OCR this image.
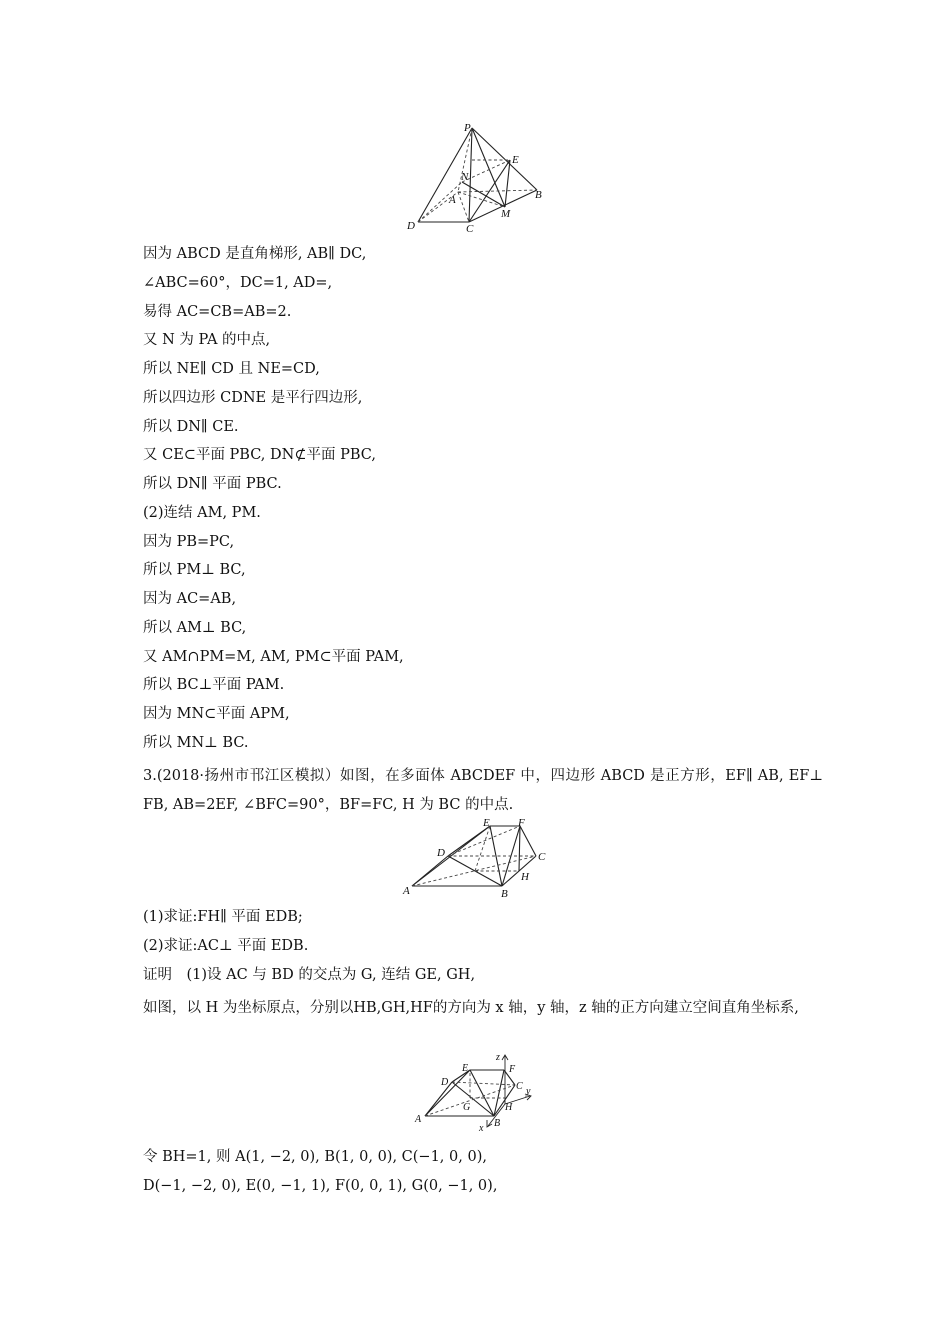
P
E
N
A	B
M
D	C
因为 ABCD 是直角梯形, AB∥ DC,
∠ABC=60°，DC=1, AD=,
易得 AC=CB=AB=2.
又 N 为 PA 的中点,
所以 NE∥ CD 且 NE=CD,
所以四边形 CDNE 是平行四边形,
所以 DN∥ CE.
又 CE⊂平面 PBC, DN⊄平面 PBC,
所以 DN∥ 平面 PBC.
(2)连结 AM, PM.
因为 PB=PC,
所以 PM⊥ BC,
因为 AC=AB,
所以 AM⊥ BC,
又 AM∩PM=M, AM, PM⊂平面 PAM,
所以 BC⊥平面 PAM.
因为 MN⊂平面 APM,
所以 MN⊥ BC.
3.(2018·扬州市邗江区模拟）如图，在多面体 ABCDEF 中，四边形 ABCD 是正方形，EF∥ AB, EF⊥ FB, AB=2EF, ∠BFC=90°，BF=FC, H 为 BC 的中点.
E	F
D	C
H
A	B
(1)求证:FH∥ 平面 EDB;
(2)求证:AC⊥ 平面 EDB.
证明　(1)设 AC 与 BD 的交点为 G, 连结 GE, GH,
如图，以 H 为坐标原点，分别以HB,GH,HF的方向为 x 轴，y 轴，z 轴的正方向建立空间直角坐标系,
z
E	F
D	C y
G	H
A	B
x
令 BH=1, 则 A(1, −2, 0), B(1, 0, 0), C(−1, 0, 0),
D(−1, −2, 0), E(0, −1, 1), F(0, 0, 1), G(0, −1, 0),
